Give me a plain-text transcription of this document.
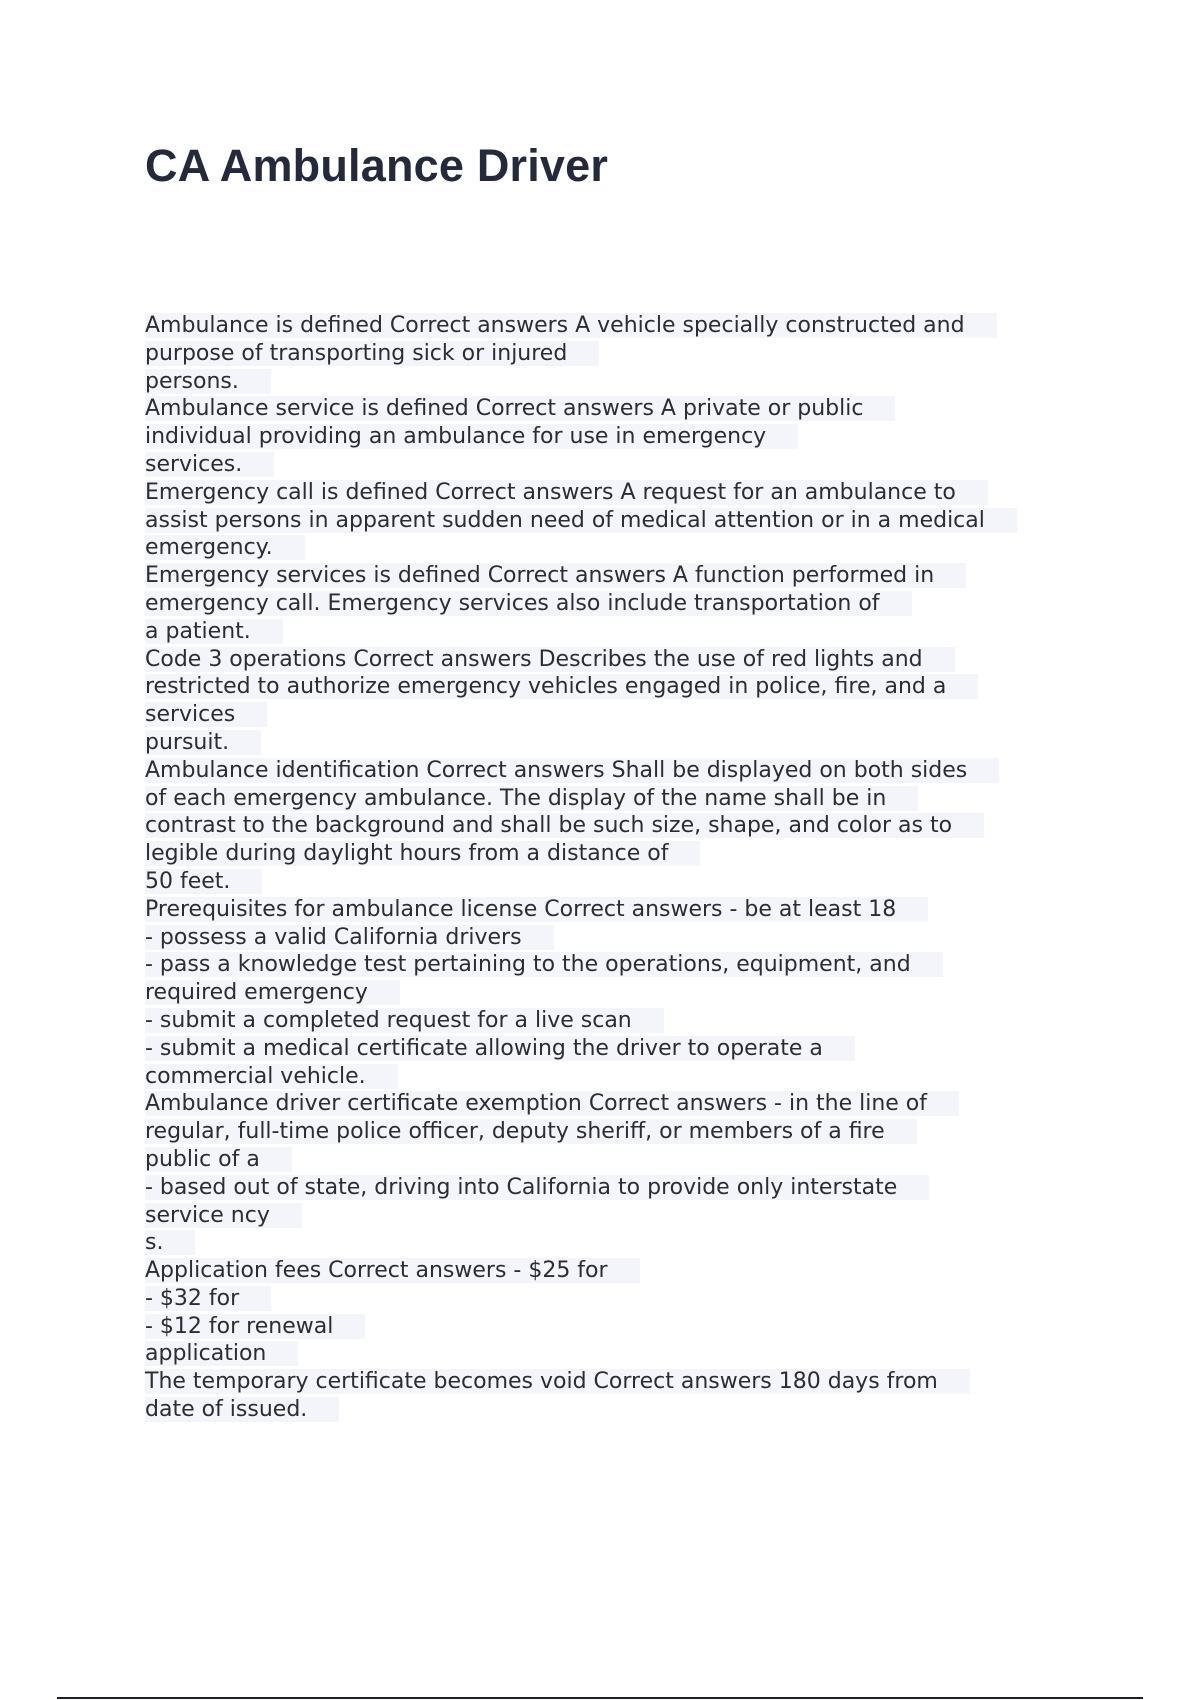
CA Ambulance Driver
Ambulance is defined Correct answers A vehicle specially constructed and
purpose of transporting sick or injured
persons.
Ambulance service is defined Correct answers A private or public
individual providing an ambulance for use in emergency
services.
Emergency call is defined Correct answers A request for an ambulance to
assist persons in apparent sudden need of medical attention or in a medical
emergency.
Emergency services is defined Correct answers A function performed in
emergency call. Emergency services also include transportation of
a patient.
Code 3 operations Correct answers Describes the use of red lights and
restricted to authorize emergency vehicles engaged in police, fire, and a
services
pursuit.
Ambulance identification Correct answers Shall be displayed on both sides
of each emergency ambulance. The display of the name shall be in
contrast to the background and shall be such size, shape, and color as to
legible during daylight hours from a distance of
50 feet.
Prerequisites for ambulance license Correct answers - be at least 18
- possess a valid California drivers
- pass a knowledge test pertaining to the operations, equipment, and
required emergency
- submit a completed request for a live scan
- submit a medical certificate allowing the driver to operate a
commercial vehicle.
Ambulance driver certificate exemption Correct answers - in the line of
regular, full-time police officer, deputy sheriff, or members of a fire
public of a
- based out of state, driving into California to provide only interstate
service ncy
s.
Application fees Correct answers - $25 for
- $32 for
- $12 for renewal
application
The temporary certificate becomes void Correct answers 180 days from
date of issued.
